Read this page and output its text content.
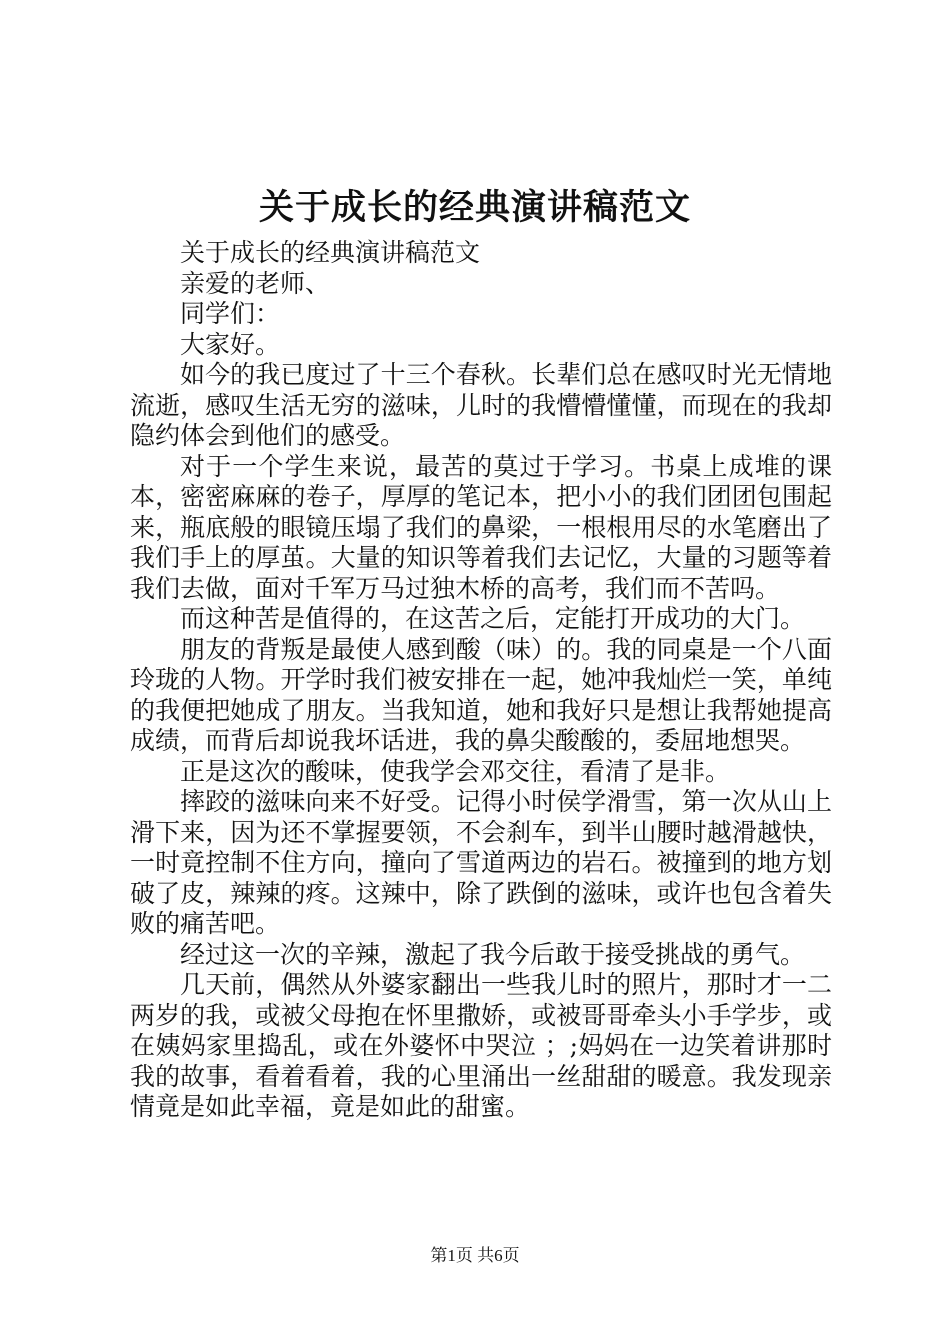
关于成长的经典演讲稿范文

关于成长的经典演讲稿范文

亲爱的老师、

同学们：

大家好。

如今的我已度过了十三个春秋。长辈们总在感叹时光无情地流逝，感叹生活无穷的滋味，儿时的我懵懵懂懂，而现在的我却隐约体会到他们的感受。

对于一个学生来说，最苦的莫过于学习。书桌上成堆的课本，密密麻麻的卷子，厚厚的笔记本，把小小的我们团团包围起来，瓶底般的眼镜压塌了我们的鼻梁，一根根用尽的水笔磨出了我们手上的厚茧。大量的知识等着我们去记忆，大量的习题等着我们去做，面对千军万马过独木桥的高考，我们而不苦吗。

而这种苦是值得的，在这苦之后，定能打开成功的大门。

朋友的背叛是最使人感到酸（味）的。我的同桌是一个八面玲珑的人物。开学时我们被安排在一起，她冲我灿烂一笑，单纯的我便把她成了朋友。当我知道，她和我好只是想让我帮她提高成绩，而背后却说我坏话进，我的鼻尖酸酸的，委屈地想哭。

正是这次的酸味，使我学会邓交往，看清了是非。

摔跤的滋味向来不好受。记得小时侯学滑雪，第一次从山上滑下来，因为还不掌握要领，不会刹车，到半山腰时越滑越快，一时竟控制不住方向，撞向了雪道两边的岩石。被撞到的地方划破了皮，辣辣的疼。这辣中，除了跌倒的滋味，或许也包含着失败的痛苦吧。

经过这一次的辛辣，激起了我今后敢于接受挑战的勇气。

几天前，偶然从外婆家翻出一些我儿时的照片，那时才一二两岁的我，或被父母抱在怀里撒娇，或被哥哥牵头小手学步，或在姨妈家里捣乱，或在外婆怀中哭泣 ；;妈妈在一边笑着讲那时我的故事，看着看着，我的心里涌出一丝甜甜的暖意。我发现亲情竟是如此幸福，竟是如此的甜蜜。

第1页 共6页
